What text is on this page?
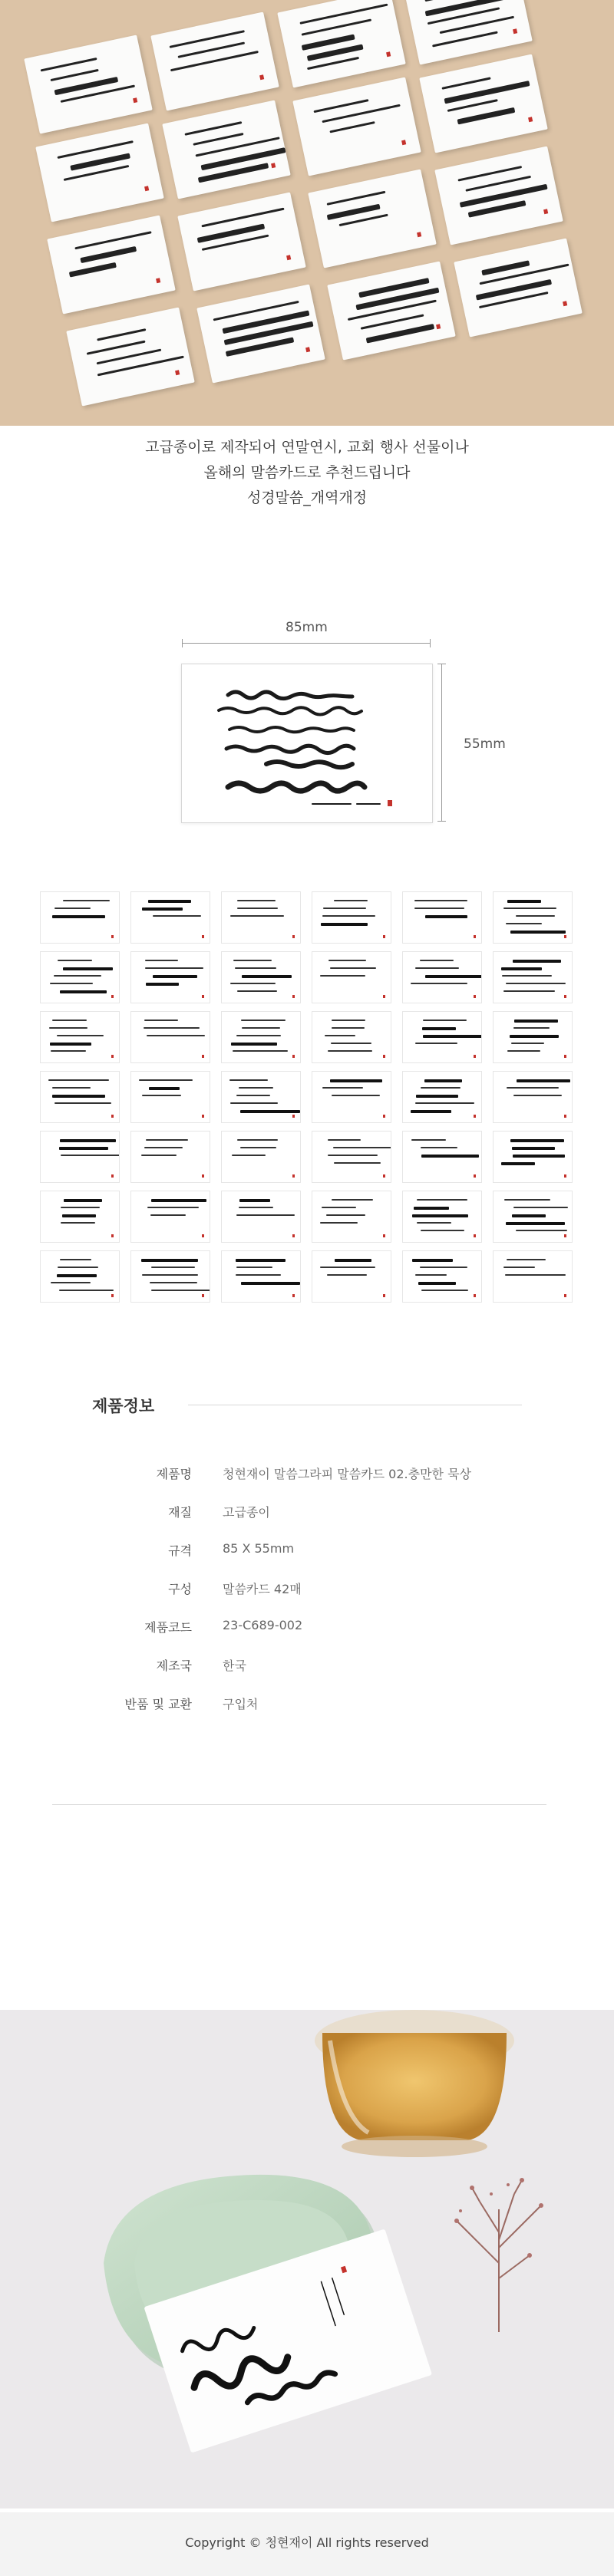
고급종이로 제작되어 연말연시, 교회 행사 선물이나
올해의 말씀카드로 추천드립니다
성경말씀_개역개정
85mm
55mm
제품정보
제품명	청현재이 말씀그라피 말씀카드 02.충만한 묵상
재질	고급종이
규격	85 X 55mm
구성	말씀카드 42매
제품코드	23-C689-002
제조국	한국
반품 및 교환	구입처
Copyright © 청현재이 All rights reserved
